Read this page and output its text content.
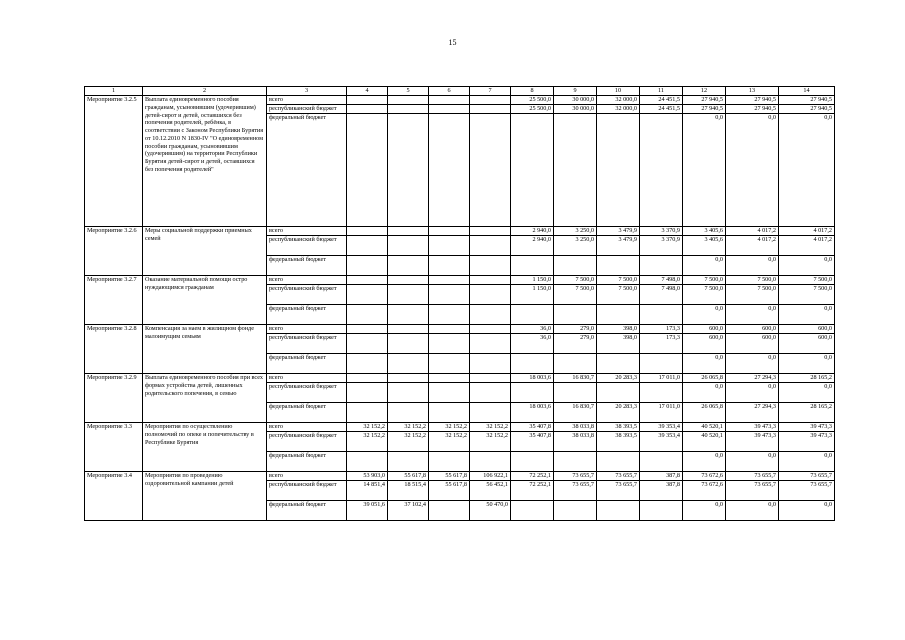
15
1	2	3	4	5	6	7	8	9	10	11	12	13	14
Мероприятие 3.2.5	Выплата единовременного пособия гражданам, усыновившим (удочерившим) детей-сирот и детей, оставшихся без попечения родителей, ребёнка, в соответствии с Законом Республики Бурятия от 10.12.2010 N 1830-IV "О единовременном пособии гражданам, усыновившим (удочерившим) на территории Республики Бурятия детей-сирот и детей, оставшихся без попечения родителей"	всего					25 500,0	30 000,0	32 000,0	24 451,5	27 940,5	27 940,5	27 940,5
		республиканский бюджет					25 500,0	30 000,0	32 000,0	24 451,5	27 940,5	27 940,5	27 940,5
		федеральный бюджет									0,0	0,0	0,0
Мероприятие 3.2.6	Меры социальной поддержки приемных семей	всего					2 940,0	3 250,0	3 479,9	3 370,9	3 405,6	4 017,2	4 017,2
		республиканский бюджет					2 940,0	3 250,0	3 479,9	3 370,9	3 405,6	4 017,2	4 017,2
		федеральный бюджет									0,0	0,0	0,0
Мероприятие 3.2.7	Оказание материальной помощи остро нуждающимся гражданам	всего					1 150,0	7 500,0	7 500,0	7 498,0	7 500,0	7 500,0	7 500,0
		республиканский бюджет					1 150,0	7 500,0	7 500,0	7 498,0	7 500,0	7 500,0	7 500,0
		федеральный бюджет									0,0	0,0	0,0
Мероприятие 3.2.8	Компенсация за наем в жилищном фонде малоимущим семьям	всего					36,0	279,0	398,0	173,3	600,0	600,0	600,0
		республиканский бюджет					36,0	279,0	398,0	173,3	600,0	600,0	600,0
		федеральный бюджет									0,0	0,0	0,0
Мероприятие 3.2.9	Выплата единовременного пособия при всех формах устройства детей, лишенных родительского попечения, в семью	всего					18 003,6	16 830,7	20 283,3	17 011,0	26 065,8	27 294,3	28 165,2
		республиканский бюджет									0,0	0,0	0,0
		федеральный бюджет					18 003,6	16 830,7	20 283,3	17 011,0	26 065,8	27 294,3	28 165,2
Мероприятие 3.3	Мероприятия по осуществлению полномочий по опеке и попечительству в Республике Бурятия	всего	32 152,2	32 152,2	32 152,2	32 152,2	35 407,8	38 033,8	38 393,5	39 353,4	40 520,1	39 473,3	39 473,3
		республиканский бюджет	32 152,2	32 152,2	32 152,2	32 152,2	35 407,8	38 033,8	38 393,5	39 353,4	40 520,1	39 473,3	39 473,3
		федеральный бюджет									0,0	0,0	0,0
Мероприятие 3.4	Мероприятия по проведению оздоровительной кампании детей	всего	53 903,0	55 617,8	55 617,8	106 922,1	72 252,1	73 655,7	73 655,7	387,8	73 672,6	73 655,7	73 655,7
		республиканский бюджет	14 851,4	18 515,4	55 617,8	56 452,1	72 252,1	73 655,7	73 655,7	387,8	73 672,6	73 655,7	73 655,7
		федеральный бюджет	39 051,6	37 102,4		50 470,0					0,0	0,0	0,0
